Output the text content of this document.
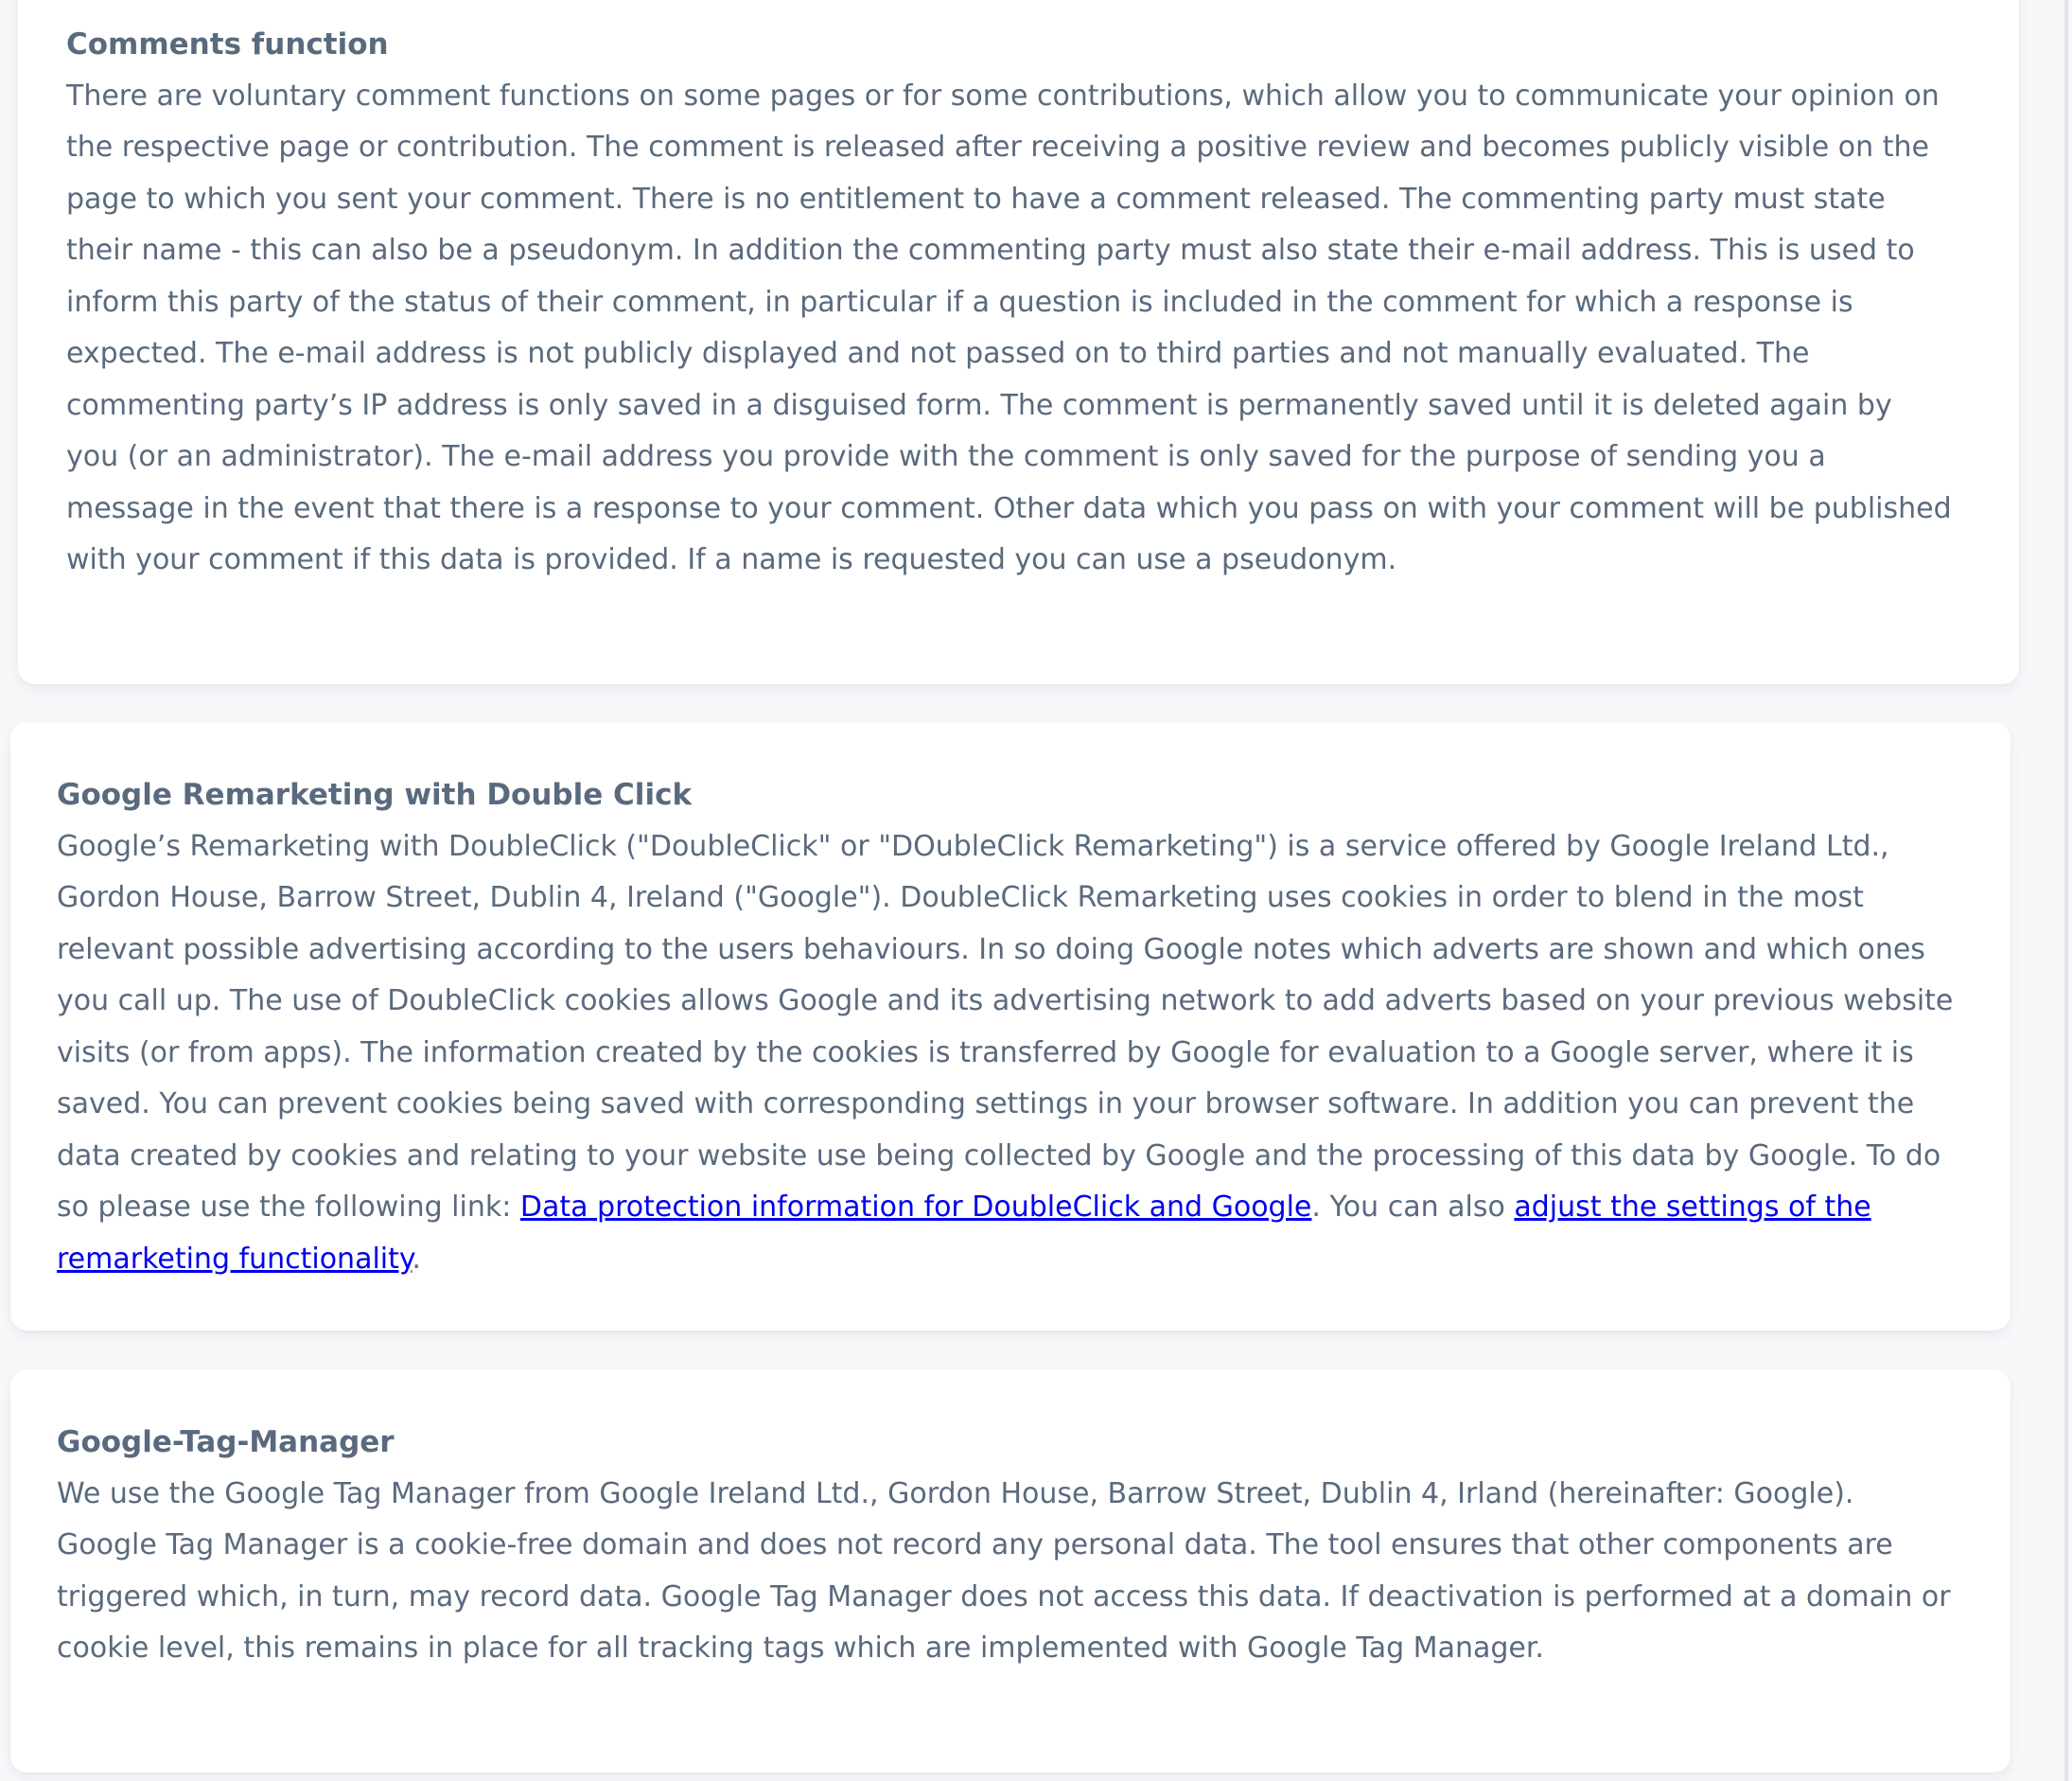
Comments function

There are voluntary comment functions on some pages or for some contributions, which allow you to communicate your opinion on the respective page or contribution. The comment is released after receiving a positive review and becomes publicly visible on the page to which you sent your comment. There is no entitlement to have a comment released. The commenting party must state their name - this can also be a pseudonym. In addition the commenting party must also state their e-mail address. This is used to inform this party of the status of their comment, in particular if a question is included in the comment for which a response is expected. The e-mail address is not publicly displayed and not passed on to third parties and not manually evaluated. The commenting party’s IP address is only saved in a disguised form. The comment is permanently saved until it is deleted again by you (or an administrator). The e-mail address you provide with the comment is only saved for the purpose of sending you a message in the event that there is a response to your comment. Other data which you pass on with your comment will be published with your comment if this data is provided. If a name is requested you can use a pseudonym.

Google Remarketing with Double Click

Google’s Remarketing with DoubleClick ("DoubleClick" or "DOubleClick Remarketing") is a service offered by Google Ireland Ltd., Gordon House, Barrow Street, Dublin 4, Ireland ("Google"). DoubleClick Remarketing uses cookies in order to blend in the most relevant possible advertising according to the users behaviours. In so doing Google notes which adverts are shown and which ones you call up. The use of DoubleClick cookies allows Google and its advertising network to add adverts based on your previous website visits (or from apps). The information created by the cookies is transferred by Google for evaluation to a Google server, where it is saved. You can prevent cookies being saved with corresponding settings in your browser software. In addition you can prevent the data created by cookies and relating to your website use being collected by Google and the processing of this data by Google. To do so please use the following link: Data protection information for DoubleClick and Google. You can also adjust the settings of the remarketing functionality.

Google-Tag-Manager

We use the Google Tag Manager from Google Ireland Ltd., Gordon House, Barrow Street, Dublin 4, Irland (hereinafter: Google). Google Tag Manager is a cookie-free domain and does not record any personal data. The tool ensures that other components are triggered which, in turn, may record data. Google Tag Manager does not access this data. If deactivation is performed at a domain or cookie level, this remains in place for all tracking tags which are implemented with Google Tag Manager.
